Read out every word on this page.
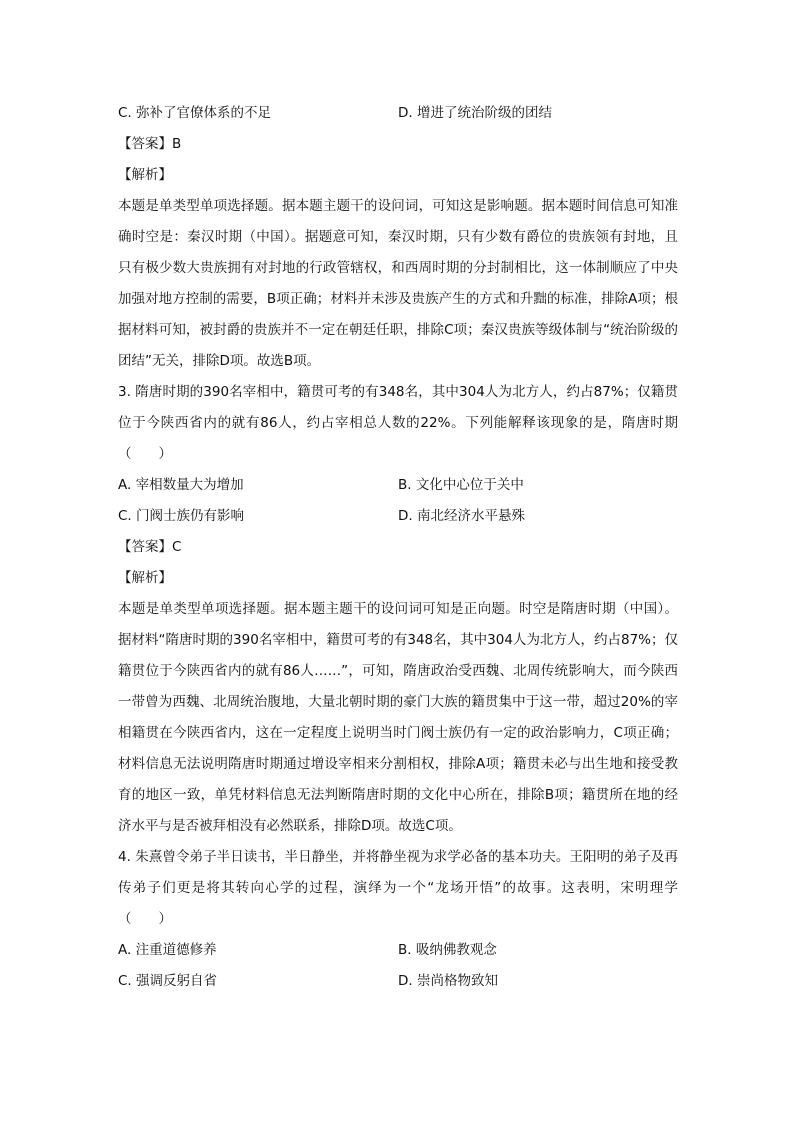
C. 弥补了官僚体系的不足	D. 增进了统治阶级的团结
【答案】B
【解析】
本题是单类型单项选择题。据本题主题干的设问词，可知这是影响题。据本题时间信息可知准确时空是：秦汉时期（中国）。据题意可知，秦汉时期，只有少数有爵位的贵族领有封地，且只有极少数大贵族拥有对封地的行政管辖权，和西周时期的分封制相比，这一体制顺应了中央加强对地方控制的需要，B项正确；材料并未涉及贵族产生的方式和升黜的标准，排除A项；根据材料可知，被封爵的贵族并不一定在朝廷任职，排除C项；秦汉贵族等级体制与“统治阶级的团结”无关，排除D项。故选B项。
3. 隋唐时期的390名宰相中，籍贯可考的有348名，其中304人为北方人，约占87%；仅籍贯位于今陕西省内的就有86人，约占宰相总人数的22%。下列能解释该现象的是，隋唐时期（　　）
A. 宰相数量大为增加	B. 文化中心位于关中
C. 门阀士族仍有影响	D. 南北经济水平悬殊
【答案】C
【解析】
本题是单类型单项选择题。据本题主题干的设问词可知是正向题。时空是隋唐时期（中国）。据材料“隋唐时期的390名宰相中，籍贯可考的有348名，其中304人为北方人，约占87%；仅籍贯位于今陕西省内的就有86人……”，可知，隋唐政治受西魏、北周传统影响大，而今陕西一带曾为西魏、北周统治腹地，大量北朝时期的豪门大族的籍贯集中于这一带，超过20%的宰相籍贯在今陕西省内，这在一定程度上说明当时门阀士族仍有一定的政治影响力，C项正确；材料信息无法说明隋唐时期通过增设宰相来分割相权，排除A项；籍贯未必与出生地和接受教育的地区一致，单凭材料信息无法判断隋唐时期的文化中心所在，排除B项；籍贯所在地的经济水平与是否被拜相没有必然联系，排除D项。故选C项。
4. 朱熹曾令弟子半日读书，半日静坐，并将静坐视为求学必备的基本功夫。王阳明的弟子及再传弟子们更是将其转向心学的过程，演绎为一个“龙场开悟”的故事。这表明，宋明理学（　　）
A. 注重道德修养	B. 吸纳佛教观念
C. 强调反躬自省	D. 崇尚格物致知
